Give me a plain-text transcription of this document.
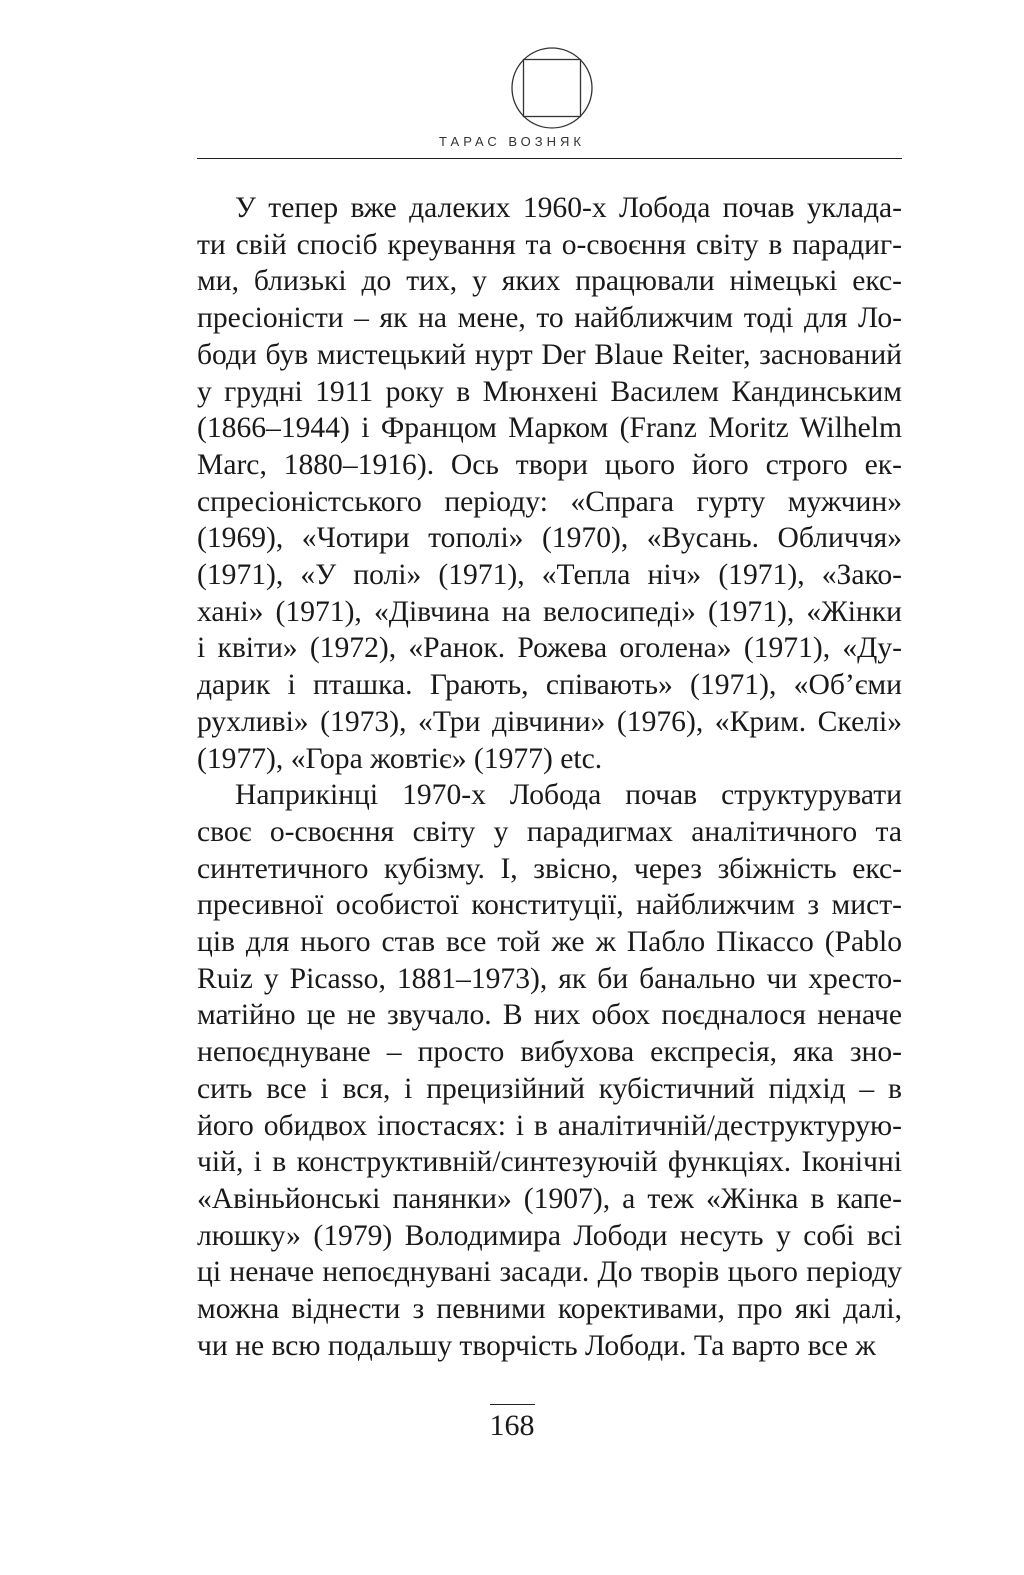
ТАРАС ВОЗНЯК
У тепер вже далеких 1960-х Лобода почав уклада-
ти свій спосіб креування та о-своєння світу в парадиг-
ми, близькі до тих, у яких працювали німецькі екс-
пресіоністи – як на мене, то найближчим тоді для Ло-
боди був мистецький нурт Der Blaue Reiter, заснований
у грудні 1911 року в Мюнхені Василем Кандинським
(1866–1944) і Францом Марком (Franz Moritz Wilhelm
Marc, 1880–1916). Ось твори цього його строго ек-
спресіоністського періоду: «Спрага гурту мужчин»
(1969), «Чотири тополі» (1970), «Вусань. Обличчя»
(1971), «У полі» (1971), «Тепла ніч» (1971), «Зако-
хані» (1971), «Дівчина на велосипеді» (1971), «Жінки
і квіти» (1972), «Ранок. Рожева оголена» (1971), «Ду-
дарик і пташка. Грають, співають» (1971), «Об’єми
рухливі» (1973), «Три дівчини» (1976), «Крим. Скелі»
(1977), «Гора жовтіє» (1977) etc.
Наприкінці 1970-х Лобода почав структурувати
своє о-своєння світу у парадигмах аналітичного та
синтетичного кубізму. І, звісно, через збіжність екс-
пресивної особистої конституції, найближчим з мист-
ців для нього став все той же ж Пабло Пікассо (Pablo
Ruiz y Picasso, 1881–1973), як би банально чи хресто-
матійно це не звучало. В них обох поєдналося неначе
непоєднуване – просто вибухова експресія, яка зно-
сить все і вся, і прецизійний кубістичний підхід – в
його обидвох іпостасях: і в аналітичній/деструктурую-
чій, і в конструктивній/синтезуючій функціях. Іконічні
«Авіньйонські панянки» (1907), а теж «Жінка в капе-
люшку» (1979) Володимира Лободи несуть у собі всі
ці неначе непоєднувані засади. До творів цього періоду
можна віднести з певними корективами, про які далі,
чи не всю подальшу творчість Лободи. Та варто все ж
168
